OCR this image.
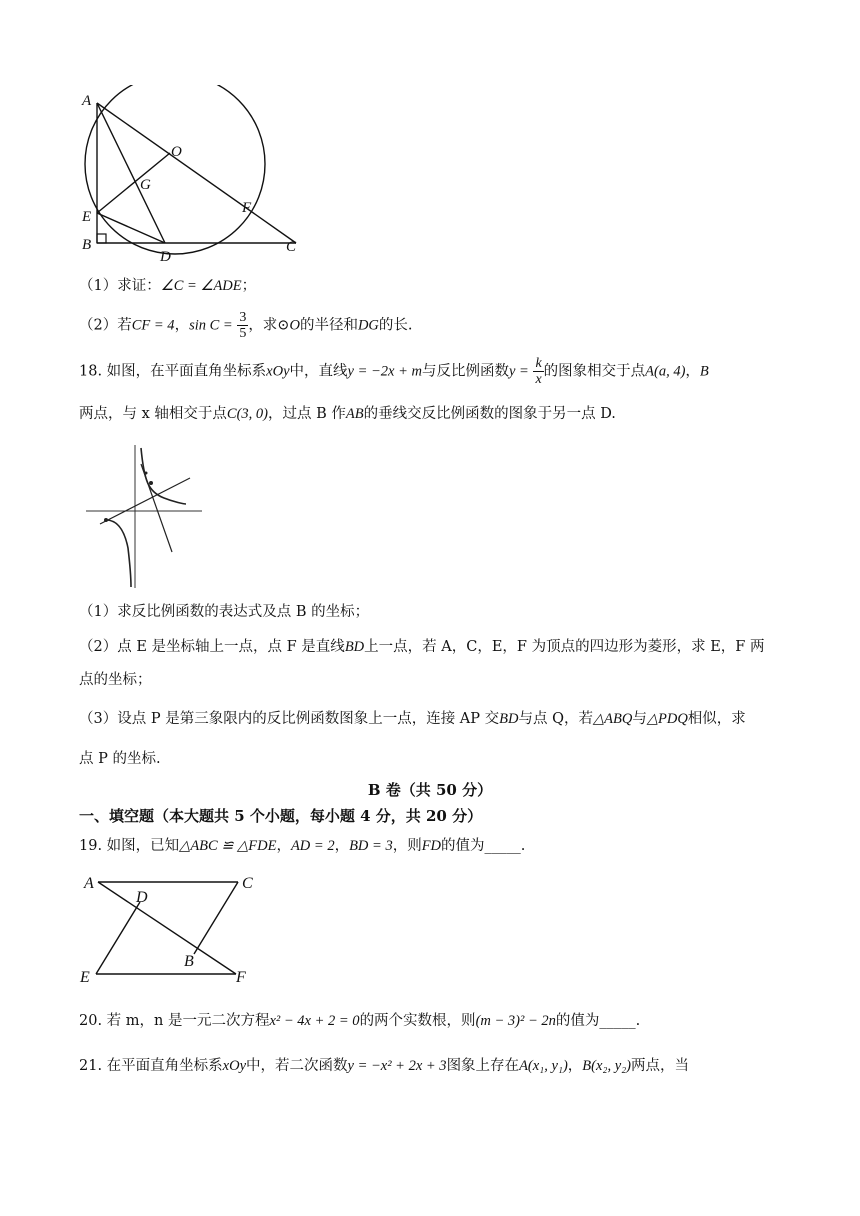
A
O
G
E
F
B
D
C
（1）求证：∠C = ∠ADE；
（2）若CF = 4，$\sin C = \frac{3}{5}$ ，求⊙O的半径和DG的长.
18. 如图，在平面直角坐标系xOy中，直线y = −2x + m与反比例函数$y = \frac{k}{x}$ 的图象相交于点A(a, 4)，B
两点，与 x 轴相交于点C(3, 0)，过点 B 作AB的垂线交反比例函数的图象于另一点 D.
（1）求反比例函数的表达式及点 B 的坐标；
（2）点 E 是坐标轴上一点，点 F 是直线BD上一点，若 A，C，E，F 为顶点的四边形为菱形，求 E，F 两
点的坐标；
（3）设点 P 是第三象限内的反比例函数图象上一点，连接 AP 交BD与点 Q，若△ABQ与△PDQ相似，求
点 P 的坐标.
B 卷（共 50 分）
一、填空题（本大题共 5 个小题，每小题 4 分，共 20 分）
19. 如图，已知△ABC ≌ △FDE，AD = 2，BD = 3，则FD的值为_____.
A	C
D
B
E	F
20. 若 m，n 是一元二次方程x² − 4x + 2 = 0的两个实数根，则(m − 3)² − 2n的值为_____.
21. 在平面直角坐标系xOy中，若二次函数y = −x² + 2x + 3图象上存在A(x₁, y₁)，B(x₂, y₂)两点，当
